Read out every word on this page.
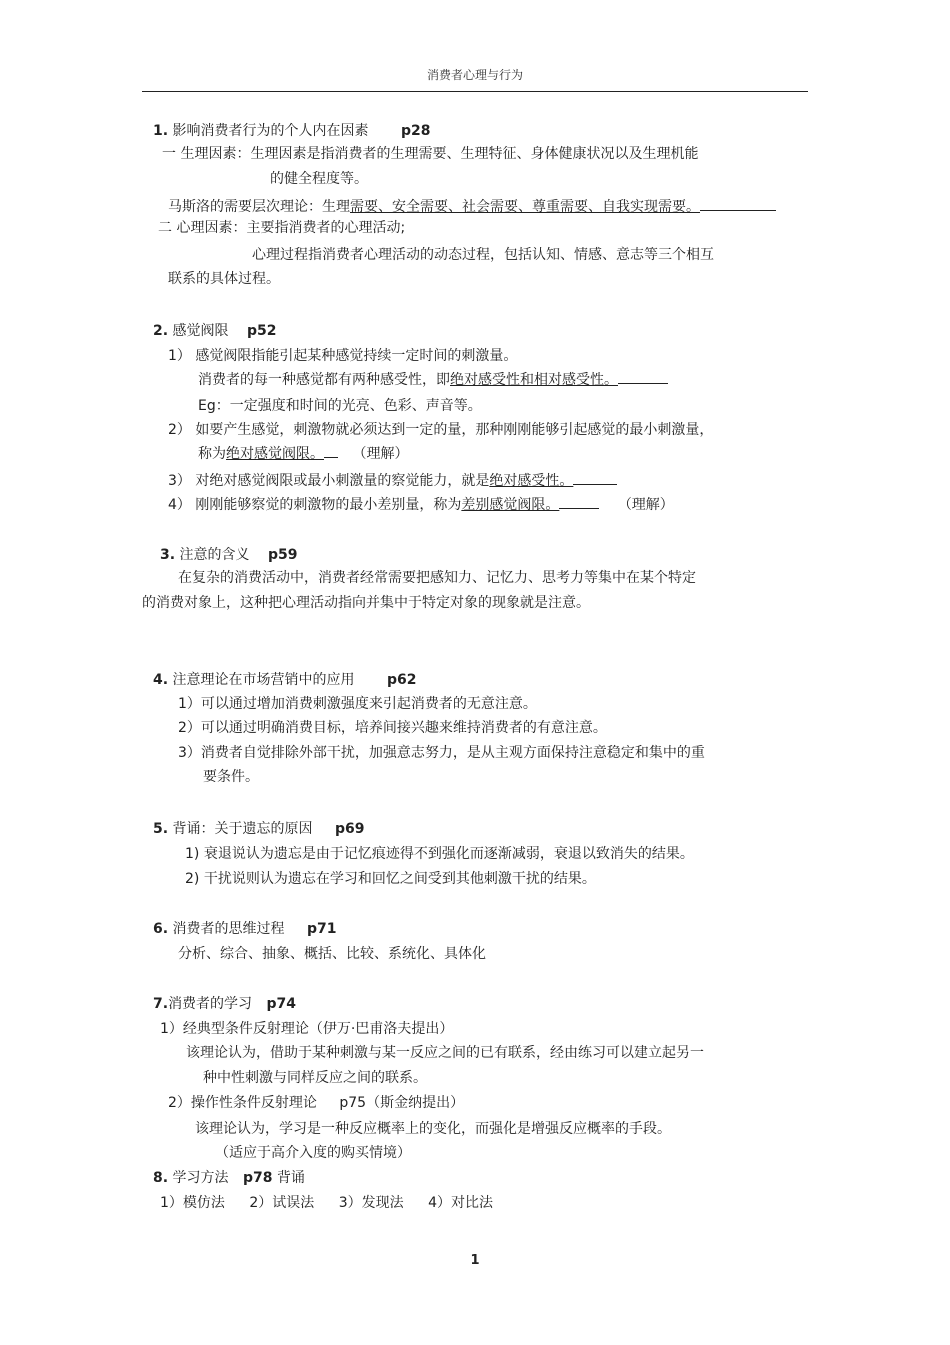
消费者心理与行为
1. 影响消费者行为的个人内在因素 p28
一 生理因素：生理因素是指消费者的生理需要、生理特征、身体健康状况以及生理机能
的健全程度等。
马斯洛的需要层次理论：生理需要、安全需要、社会需要、尊重需要、自我实现需要。
二 心理因素：主要指消费者的心理活动;
心理过程指消费者心理活动的动态过程，包括认知、情感、意志等三个相互
联系的具体过程。
2. 感觉阀限 p52
1） 感觉阀限指能引起某种感觉持续一定时间的刺激量。
消费者的每一种感觉都有两种感受性，即绝对感受性和相对感受性。
Eg：一定强度和时间的光亮、色彩、声音等。
2） 如要产生感觉，刺激物就必须达到一定的量，那种刚刚能够引起感觉的最小刺激量，
称为绝对感觉阀限。 （理解）
3） 对绝对感觉阀限或最小刺激量的察觉能力，就是绝对感受性。
4） 刚刚能够察觉的刺激物的最小差别量，称为差别感觉阀限。	（理解）
3. 注意的含义 p59
在复杂的消费活动中，消费者经常需要把感知力、记忆力、思考力等集中在某个特定
的消费对象上，这种把心理活动指向并集中于特定对象的现象就是注意。
4. 注意理论在市场营销中的应用 p62
1）可以通过增加消费刺激强度来引起消费者的无意注意。
2）可以通过明确消费目标，培养间接兴趣来维持消费者的有意注意。
3）消费者自觉排除外部干扰，加强意志努力，是从主观方面保持注意稳定和集中的重
要条件。
5. 背诵：关于遗忘的原因 p69
1) 衰退说认为遗忘是由于记忆痕迹得不到强化而逐渐减弱，衰退以致消失的结果。
2) 干扰说则认为遗忘在学习和回忆之间受到其他刺激干扰的结果。
6. 消费者的思维过程 p71
分析、综合、抽象、概括、比较、系统化、具体化
7.消费者的学习 p74
1）经典型条件反射理论（伊万·巴甫洛夫提出）
该理论认为，借助于某种刺激与某一反应之间的已有联系，经由练习可以建立起另一
种中性刺激与同样反应之间的联系。
2）操作性条件反射理论 p75（斯金纳提出）
该理论认为，学习是一种反应概率上的变化，而强化是增强反应概率的手段。
（适应于高介入度的购买情境）
8. 学习方法 p78 背诵
1）模仿法 2）试误法 3）发现法 4）对比法
1
